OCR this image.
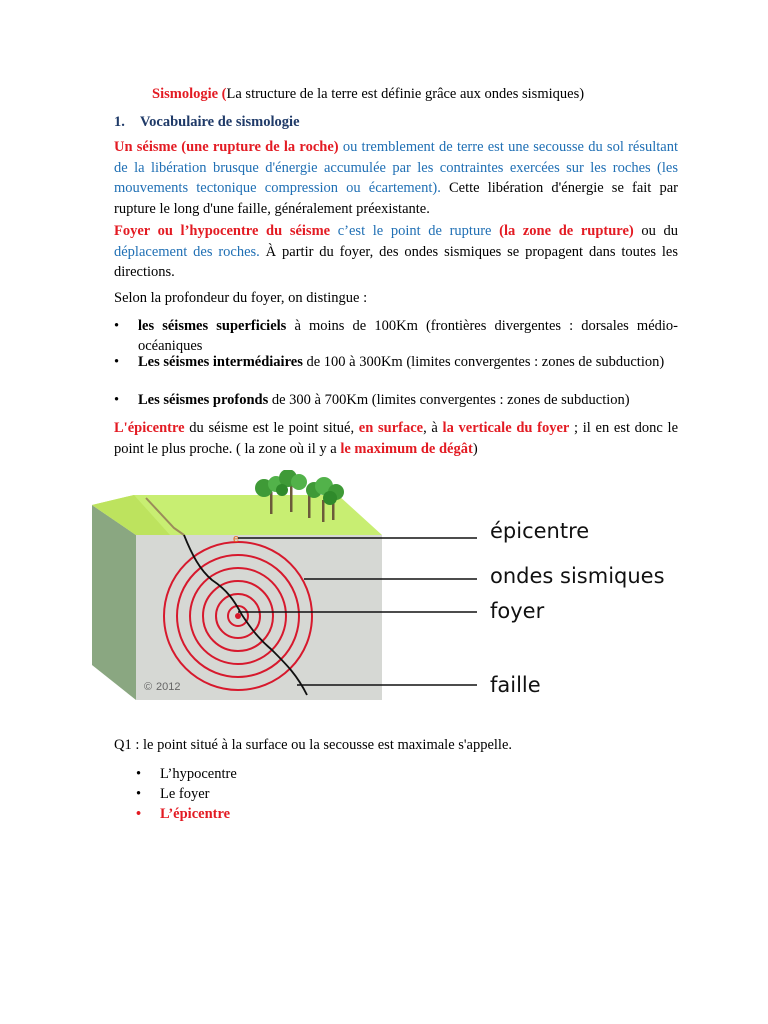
Sismologie (La structure de la terre est définie grâce aux ondes sismiques)
1. Vocabulaire de sismologie
Un séisme (une rupture de la roche) ou tremblement de terre est une secousse du sol résultant de la libération brusque d'énergie accumulée par les contraintes exercées sur les roches (les mouvements tectonique compression ou écartement). Cette libération d'énergie se fait par rupture le long d'une faille, généralement préexistante.
Foyer ou l’hypocentre du séisme c’est le point de rupture (la zone de rupture) ou du déplacement des roches. À partir du foyer, des ondes sismiques se propagent dans toutes les directions.
Selon la profondeur du foyer, on distingue :
• les séismes superficiels à moins de 100Km (frontières divergentes : dorsales médio-océaniques
• Les séismes intermédiaires de 100 à 300Km (limites convergentes : zones de subduction)
• Les séismes profonds de 300 à 700Km (limites convergentes : zones de subduction)
L'épicentre du séisme est le point situé, en surface, à la verticale du foyer ; il en est donc le point le plus proche. ( la zone où il y a le maximum de dégât)
Q1 : le point situé à la surface ou la secousse est maximale s'appelle.
• L’hypocentre
• Le foyer
• L’épicentre
e
© 2012
épicentre
ondes sismiques
foyer
faille
